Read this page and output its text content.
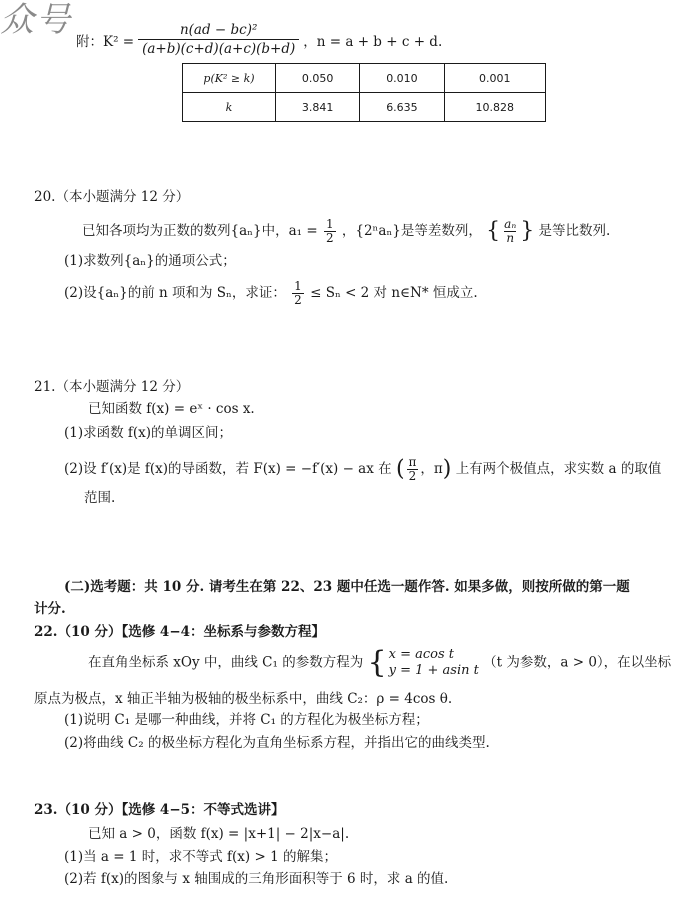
众号
附：$K^2 = \frac{\text{n(ad − bc)²}}{(a+b)(c+d)(a+c)(b+d)}$ ，n = a + b + c + d.
p(K² ≥ k)	0.050	0.010	0.001
k	3.841	6.635	10.828
20.（本小题满分 12 分）
已知各项均为正数的数列{aₙ}中，$a_1 = \frac{1}{2}$ ，{2ⁿaₙ}是等差数列， { $\frac{\text{aₙ}}{n}$ } 是等比数列.
(1)求数列{aₙ}的通项公式；
(2)设{aₙ}的前 n 项和为 Sₙ，求证： $\frac{1}{2} \le S_n < 2$ 对 n∈N* 恒成立.
21.（本小题满分 12 分）
已知函数 f(x) = eˣ · cos x.
(1)求函数 f(x)的单调区间；
(2)设 f′(x)是 f(x)的导函数，若 F(x) = −f′(x) − ax 在 ( $\frac{\pi}{2}$ ，π) 上有两个极值点，求实数 a 的取值
范围.
(二)选考题：共 10 分. 请考生在第 22、23 题中任选一题作答. 如果多做，则按所做的第一题
计分.
22.（10 分）【选修 4−4：坐标系与参数方程】
在直角坐标系 xOy 中，曲线 C₁ 的参数方程为 { x = acos t
y = 1 + asin t （t 为参数，a > 0），在以坐标
原点为极点，x 轴正半轴为极轴的极坐标系中，曲线 C₂：ρ = 4cos θ.
(1)说明 C₁ 是哪一种曲线，并将 C₁ 的方程化为极坐标方程；
(2)将曲线 C₂ 的极坐标方程化为直角坐标系方程，并指出它的曲线类型.
23.（10 分）【选修 4−5：不等式选讲】
已知 a > 0，函数 f(x) = |x+1| − 2|x−a|.
(1)当 a = 1 时，求不等式 f(x) > 1 的解集；
(2)若 f(x)的图象与 x 轴围成的三角形面积等于 6 时，求 a 的值.
